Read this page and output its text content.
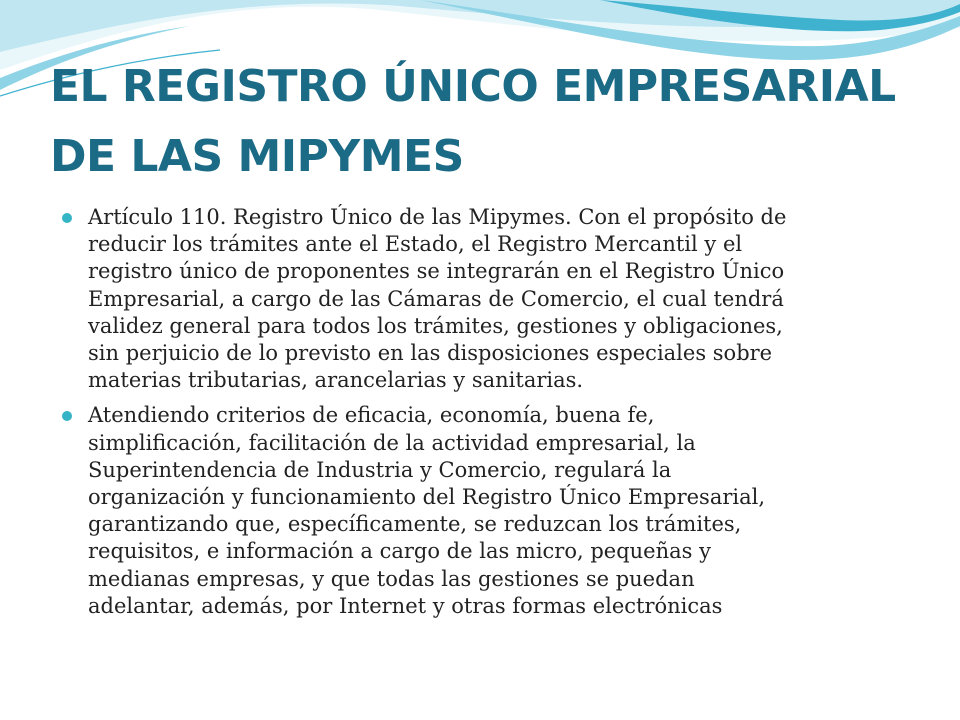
EL REGISTRO ÚNICO EMPRESARIAL
DE LAS MIPYMES
Artículo 110. Registro Único de las Mipymes. Con el propósito de
reducir los trámites ante el Estado, el Registro Mercantil y el
registro único de proponentes se integrarán en el Registro Único
Empresarial, a cargo de las Cámaras de Comercio, el cual tendrá
validez general para todos los trámites, gestiones y obligaciones,
sin perjuicio de lo previsto en las disposiciones especiales sobre
materias tributarias, arancelarias y sanitarias.
Atendiendo criterios de eficacia, economía, buena fe,
simplificación, facilitación de la actividad empresarial, la
Superintendencia de Industria y Comercio, regulará la
organización y funcionamiento del Registro Único Empresarial,
garantizando que, específicamente, se reduzcan los trámites,
requisitos, e información a cargo de las micro, pequeñas y
medianas empresas, y que todas las gestiones se puedan
adelantar, además, por Internet y otras formas electrónicas
